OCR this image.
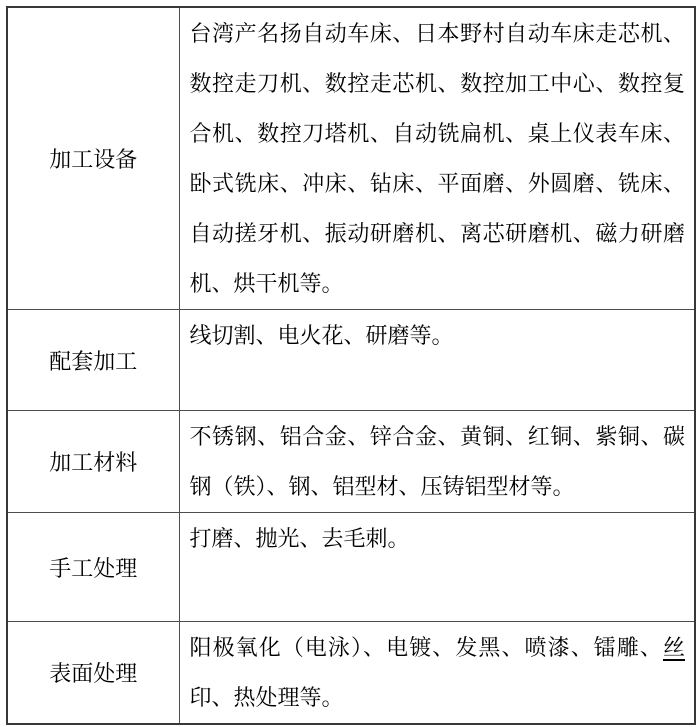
加工设备	台湾产名扬自动车床、日本野村自动车床走芯机、数控走刀机、数控走芯机、数控加工中心、数控复合机、数控刀塔机、自动铣扁机、桌上仪表车床、卧式铣床、冲床、钻床、平面磨、外圆磨、铣床、自动搓牙机、振动研磨机、离芯研磨机、磁力研磨机、烘干机等。
配套加工	线切割、电火花、研磨等。
加工材料	不锈钢、铝合金、锌合金、黄铜、红铜、紫铜、碳钢（铁）、钢、铝型材、压铸铝型材等。
手工处理	打磨、抛光、去毛刺。
表面处理	阳极氧化（电泳）、电镀、发黑、喷漆、镭雕、丝印、热处理等。
